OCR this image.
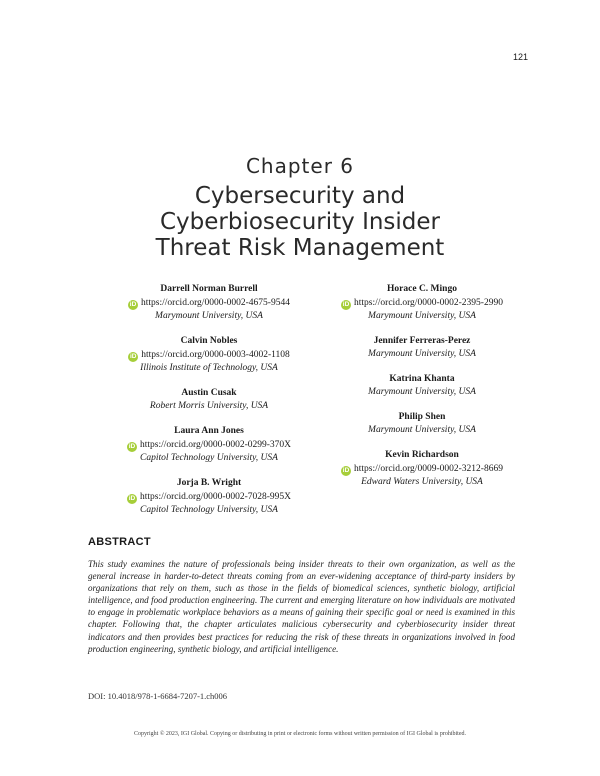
121
Chapter 6
Cybersecurity and
Cyberbiosecurity Insider
Threat Risk Management
Darrell Norman Burrell
iD https://orcid.org/0000-0002-4675-9544
Marymount University, USA
Calvin Nobles
iD https://orcid.org/0000-0003-4002-1108
Illinois Institute of Technology, USA
Austin Cusak
Robert Morris University, USA
Laura Ann Jones
iD https://orcid.org/0000-0002-0299-370X
Capitol Technology University, USA
Jorja B. Wright
iD https://orcid.org/0000-0002-7028-995X
Capitol Technology University, USA
Horace C. Mingo
iD https://orcid.org/0000-0002-2395-2990
Marymount University, USA
Jennifer Ferreras-Perez
Marymount University, USA
Katrina Khanta
Marymount University, USA
Philip Shen
Marymount University, USA
Kevin Richardson
iD https://orcid.org/0009-0002-3212-8669
Edward Waters University, USA
ABSTRACT
This study examines the nature of professionals being insider threats to their own organization, as well as the general increase in harder-to-detect threats coming from an ever-widening acceptance of third-party insiders by organizations that rely on them, such as those in the fields of biomedical sciences, synthetic biology, artificial intelligence, and food production engineering. The current and emerging literature on how individuals are motivated to engage in problematic workplace behaviors as a means of gaining their specific goal or need is examined in this chapter. Following that, the chapter articulates malicious cybersecurity and cyberbiosecurity insider threat indicators and then provides best practices for reducing the risk of these threats in organizations involved in food production engineering, synthetic biology, and artificial intelligence.
DOI: 10.4018/978-1-6684-7207-1.ch006
Copyright © 2023, IGI Global. Copying or distributing in print or electronic forms without written permission of IGI Global is prohibited.
